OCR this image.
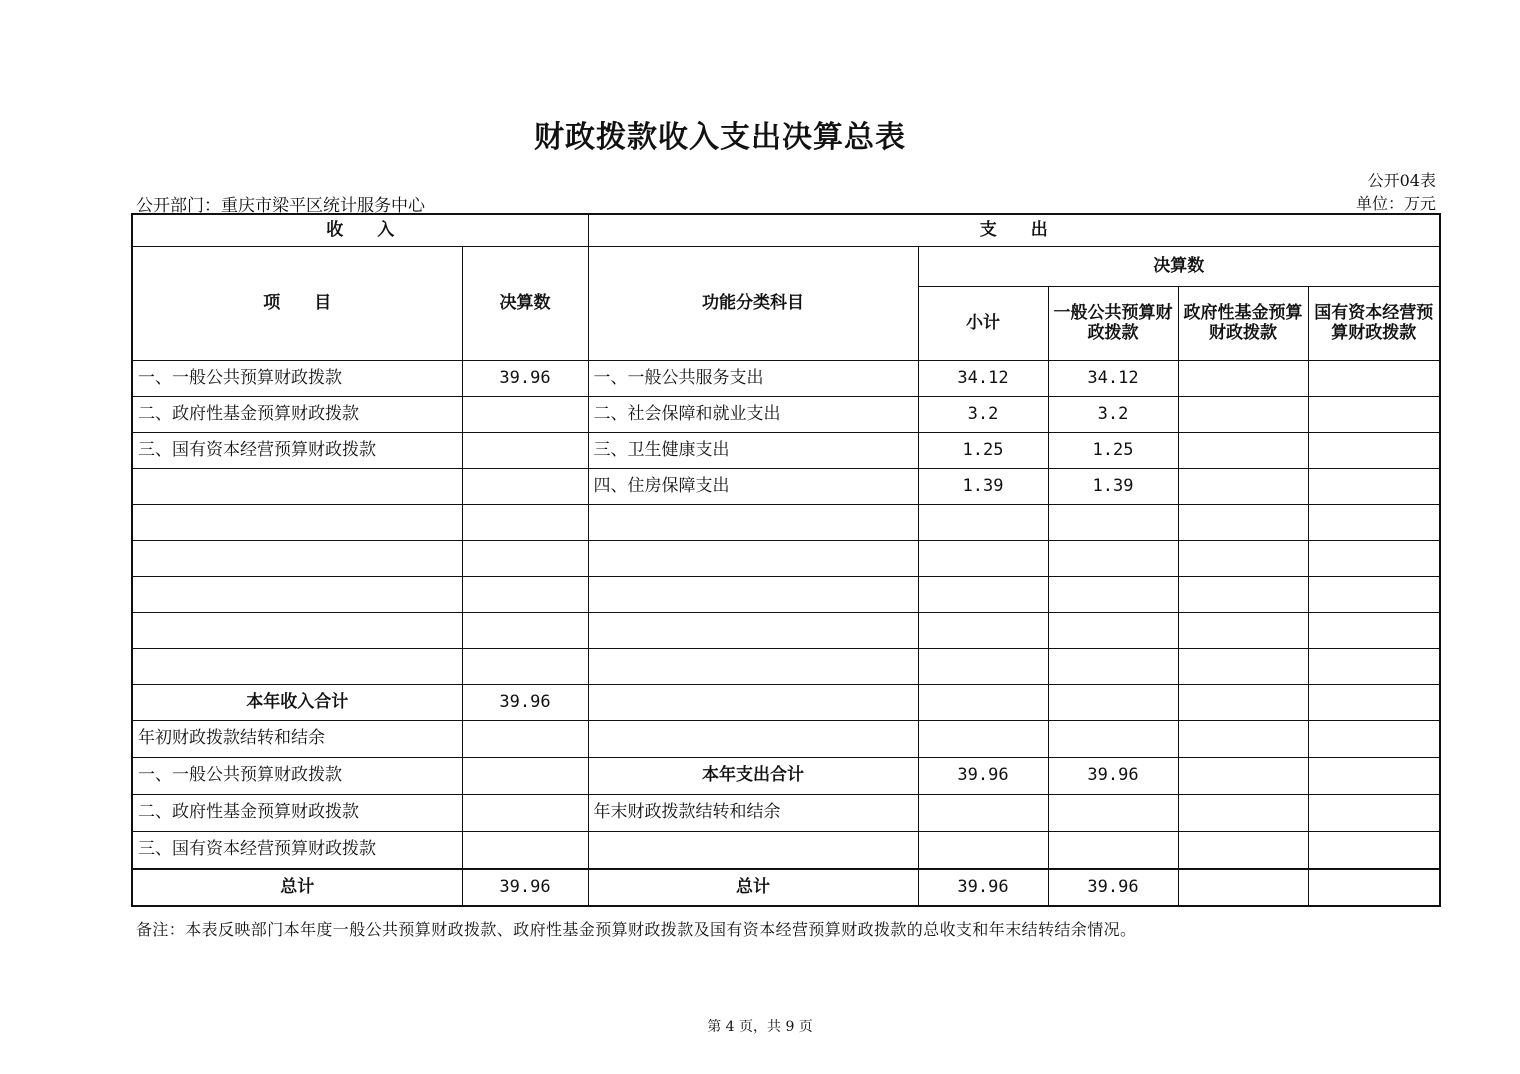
财政拨款收入支出决算总表
公开04表
公开部门：重庆市梁平区统计服务中心	单位：万元
收　　入		支　　出				
项　　目	决算数	功能分类科目	决算数			
			小计	一般公共预算财政拨款	政府性基金预算财政拨款	国有资本经营预算财政拨款
一、一般公共预算财政拨款	39.96	一、一般公共服务支出	34.12	34.12		
二、政府性基金预算财政拨款		二、社会保障和就业支出	3.2	3.2		
三、国有资本经营预算财政拨款		三、卫生健康支出	1.25	1.25		
		四、住房保障支出	1.39	1.39		

本年收入合计	39.96					
年初财政拨款结转和结余						
一、一般公共预算财政拨款		本年支出合计	39.96	39.96		
二、政府性基金预算财政拨款		年末财政拨款结转和结余				
三、国有资本经营预算财政拨款						
总计	39.96	总计	39.96	39.96		
备注：本表反映部门本年度一般公共预算财政拨款、政府性基金预算财政拨款及国有资本经营预算财政拨款的总收支和年末结转结余情况。
第 4 页，共 9 页
